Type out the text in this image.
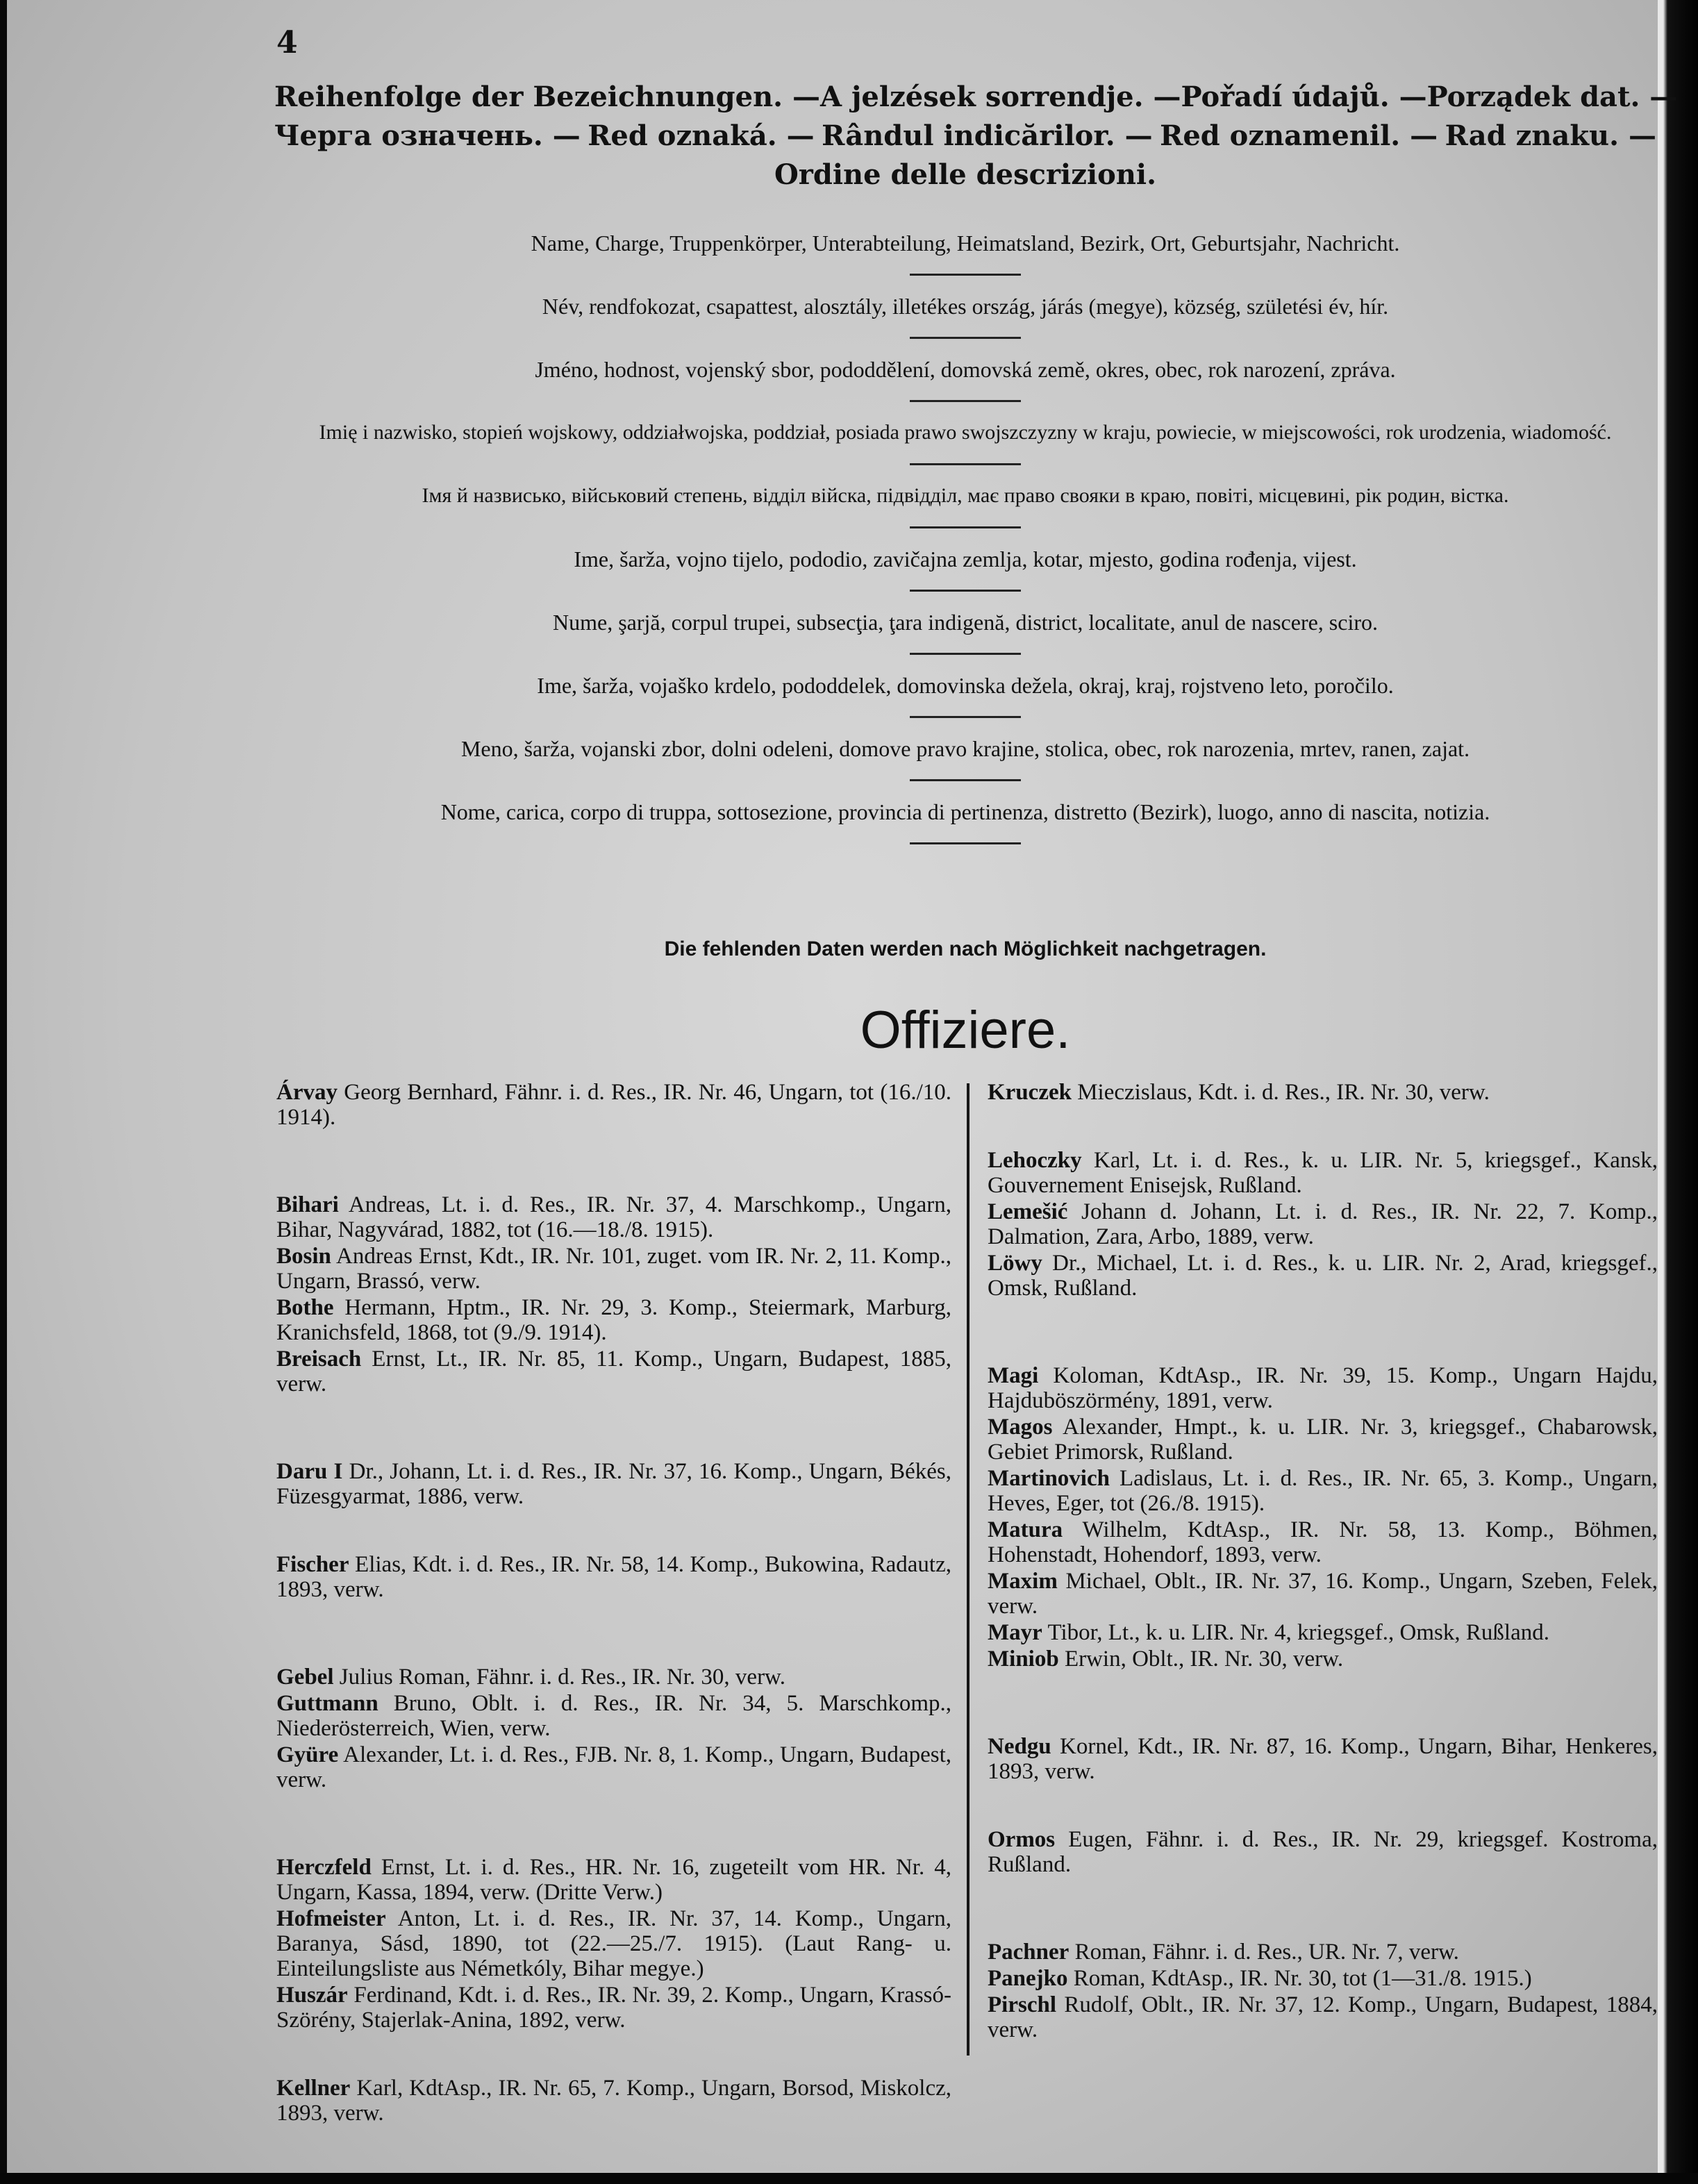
4
Reihenfolge der Bezeichnungen. — A jelzések sorrendje. — Pořadí údajů. — Porządek dat. —
Черга означень. — Red oznaká. — Rândul indicărilor. — Red oznamenil. — Rad znaku. —
Ordine delle descrizioni.
Name, Charge, Truppenkörper, Unterabteilung, Heimatsland, Bezirk, Ort, Geburtsjahr, Nachricht.
Név, rendfokozat, csapattest, alosztály, illetékes ország, járás (megye), község, születési év, hír.
Jméno, hodnost, vojenský sbor, pododdělení, domovská země, okres, obec, rok narození, zpráva.
Imię i nazwisko, stopień wojskowy, oddziałwojska, poddział, posiada prawo swojszczyzny w kraju, powiecie, w miejscowości, rok urodzenia, wiadomość.
Імя й назвисько, військовий степень, відділ війска, підвідділ, має право свояки в краю, повіті, місцевині, рік родин, вістка.
Ime, šarža, vojno tijelo, pododio, zavičajna zemlja, kotar, mjesto, godina rođenja, vijest.
Nume, şarjă, corpul trupei, subsecţia, ţara indigenă, district, localitate, anul de nascere, sciro.
Ime, šarža, vojaško krdelo, pododdelek, domovinska dežela, okraj, kraj, rojstveno leto, poročilo.
Meno, šarža, vojanski zbor, dolni odeleni, domove pravo krajine, stolica, obec, rok narozenia, mrtev, ranen, zajat.
Nome, carica, corpo di truppa, sottosezione, provincia di pertinenza, distretto (Bezirk), luogo, anno di nascita, notizia.
Die fehlenden Daten werden nach Möglichkeit nachgetragen.
Offiziere.
Árvay Georg Bernhard, Fähnr. i. d. Res., IR. Nr. 46, Ungarn, tot (16./10. 1914).
Bihari Andreas, Lt. i. d. Res., IR. Nr. 37, 4. Marschkomp., Ungarn, Bihar, Nagyvárad, 1882, tot (16.—18./8. 1915).
Bosin Andreas Ernst, Kdt., IR. Nr. 101, zuget. vom IR. Nr. 2, 11. Komp., Ungarn, Brassó, verw.
Bothe Hermann, Hptm., IR. Nr. 29, 3. Komp., Steiermark, Marburg, Kranichsfeld, 1868, tot (9./9. 1914).
Breisach Ernst, Lt., IR. Nr. 85, 11. Komp., Ungarn, Budapest, 1885, verw.
Daru I Dr., Johann, Lt. i. d. Res., IR. Nr. 37, 16. Komp., Ungarn, Békés, Füzesgyarmat, 1886, verw.
Fischer Elias, Kdt. i. d. Res., IR. Nr. 58, 14. Komp., Bukowina, Radautz, 1893, verw.
Gebel Julius Roman, Fähnr. i. d. Res., IR. Nr. 30, verw.
Guttmann Bruno, Oblt. i. d. Res., IR. Nr. 34, 5. Marschkomp., Niederösterreich, Wien, verw.
Gyüre Alexander, Lt. i. d. Res., FJB. Nr. 8, 1. Komp., Ungarn, Budapest, verw.
Herczfeld Ernst, Lt. i. d. Res., HR. Nr. 16, zugeteilt vom HR. Nr. 4, Ungarn, Kassa, 1894, verw. (Dritte Verw.)
Hofmeister Anton, Lt. i. d. Res., IR. Nr. 37, 14. Komp., Ungarn, Baranya, Sásd, 1890, tot (22.—25./7. 1915). (Laut Rang- u. Einteilungsliste aus Németkóly, Bihar megye.)
Huszár Ferdinand, Kdt. i. d. Res., IR. Nr. 39, 2. Komp., Ungarn, Krassó-Szörény, Stajerlak-Anina, 1892, verw.
Kellner Karl, KdtAsp., IR. Nr. 65, 7. Komp., Ungarn, Borsod, Miskolcz, 1893, verw.
Kruczek Mieczislaus, Kdt. i. d. Res., IR. Nr. 30, verw.
Lehoczky Karl, Lt. i. d. Res., k. u. LIR. Nr. 5, kriegsgef., Kansk, Gouvernement Enisejsk, Rußland.
Lemešić Johann d. Johann, Lt. i. d. Res., IR. Nr. 22, 7. Komp., Dalmation, Zara, Arbo, 1889, verw.
Löwy Dr., Michael, Lt. i. d. Res., k. u. LIR. Nr. 2, Arad, kriegsgef., Omsk, Rußland.
Magi Koloman, KdtAsp., IR. Nr. 39, 15. Komp., Ungarn Hajdu, Hajduböszörmény, 1891, verw.
Magos Alexander, Hmpt., k. u. LIR. Nr. 3, kriegsgef., Chabarowsk, Gebiet Primorsk, Rußland.
Martinovich Ladislaus, Lt. i. d. Res., IR. Nr. 65, 3. Komp., Ungarn, Heves, Eger, tot (26./8. 1915).
Matura Wilhelm, KdtAsp., IR. Nr. 58, 13. Komp., Böhmen, Hohenstadt, Hohendorf, 1893, verw.
Maxim Michael, Oblt., IR. Nr. 37, 16. Komp., Ungarn, Szeben, Felek, verw.
Mayr Tibor, Lt., k. u. LIR. Nr. 4, kriegsgef., Omsk, Rußland.
Miniob Erwin, Oblt., IR. Nr. 30, verw.
Nedgu Kornel, Kdt., IR. Nr. 87, 16. Komp., Ungarn, Bihar, Henkeres, 1893, verw.
Ormos Eugen, Fähnr. i. d. Res., IR. Nr. 29, kriegsgef. Kostroma, Rußland.
Pachner Roman, Fähnr. i. d. Res., UR. Nr. 7, verw.
Panejko Roman, KdtAsp., IR. Nr. 30, tot (1—31./8. 1915.)
Pirschl Rudolf, Oblt., IR. Nr. 37, 12. Komp., Ungarn, Budapest, 1884, verw.
